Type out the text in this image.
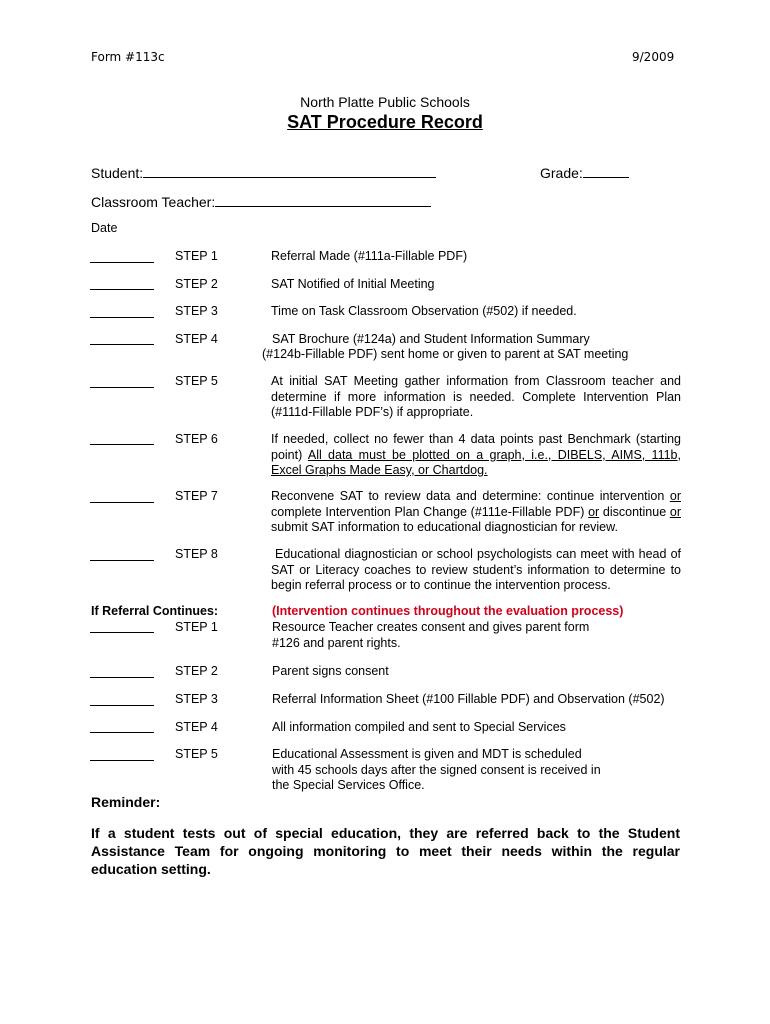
Form #113c	9/2009
North Platte Public Schools
SAT Procedure Record
Student:	Grade:
Classroom Teacher:
Date
STEP 1	Referral Made (#111a-Fillable PDF)
STEP 2	SAT Notified of Initial Meeting
STEP 3	Time on Task Classroom Observation (#502) if needed.
STEP 4	SAT Brochure (#124a) and Student Information Summary
(#124b-Fillable PDF) sent home or given to parent at SAT meeting
STEP 5	At initial SAT Meeting gather information from Classroom teacher and determine if more information is needed. Complete Intervention Plan (#111d-Fillable PDF’s) if appropriate.
STEP 6	If needed, collect no fewer than 4 data points past Benchmark (starting point) All data must be plotted on a graph, i.e., DIBELS, AIMS, 111b, Excel Graphs Made Easy, or Chartdog.
STEP 7	Reconvene SAT to review data and determine: continue intervention or complete Intervention Plan Change (#111e-Fillable PDF) or discontinue or submit SAT information to educational diagnostician for review.
STEP 8	Educational diagnostician or school psychologists can meet with head of SAT or Literacy coaches to review student’s information to determine to begin referral process or to continue the intervention process.
If Referral Continues:	(Intervention continues throughout the evaluation process)
STEP 1	Resource Teacher creates consent and gives parent form
#126 and parent rights.
STEP 2	Parent signs consent
STEP 3	Referral Information Sheet (#100 Fillable PDF) and Observation (#502)
STEP 4	All information compiled and sent to Special Services
STEP 5	Educational Assessment is given and MDT is scheduled
with 45 schools days after the signed consent is received in
the Special Services Office.
Reminder:
If a student tests out of special education, they are referred back to the Student Assistance Team for ongoing monitoring to meet their needs within the regular education setting.
